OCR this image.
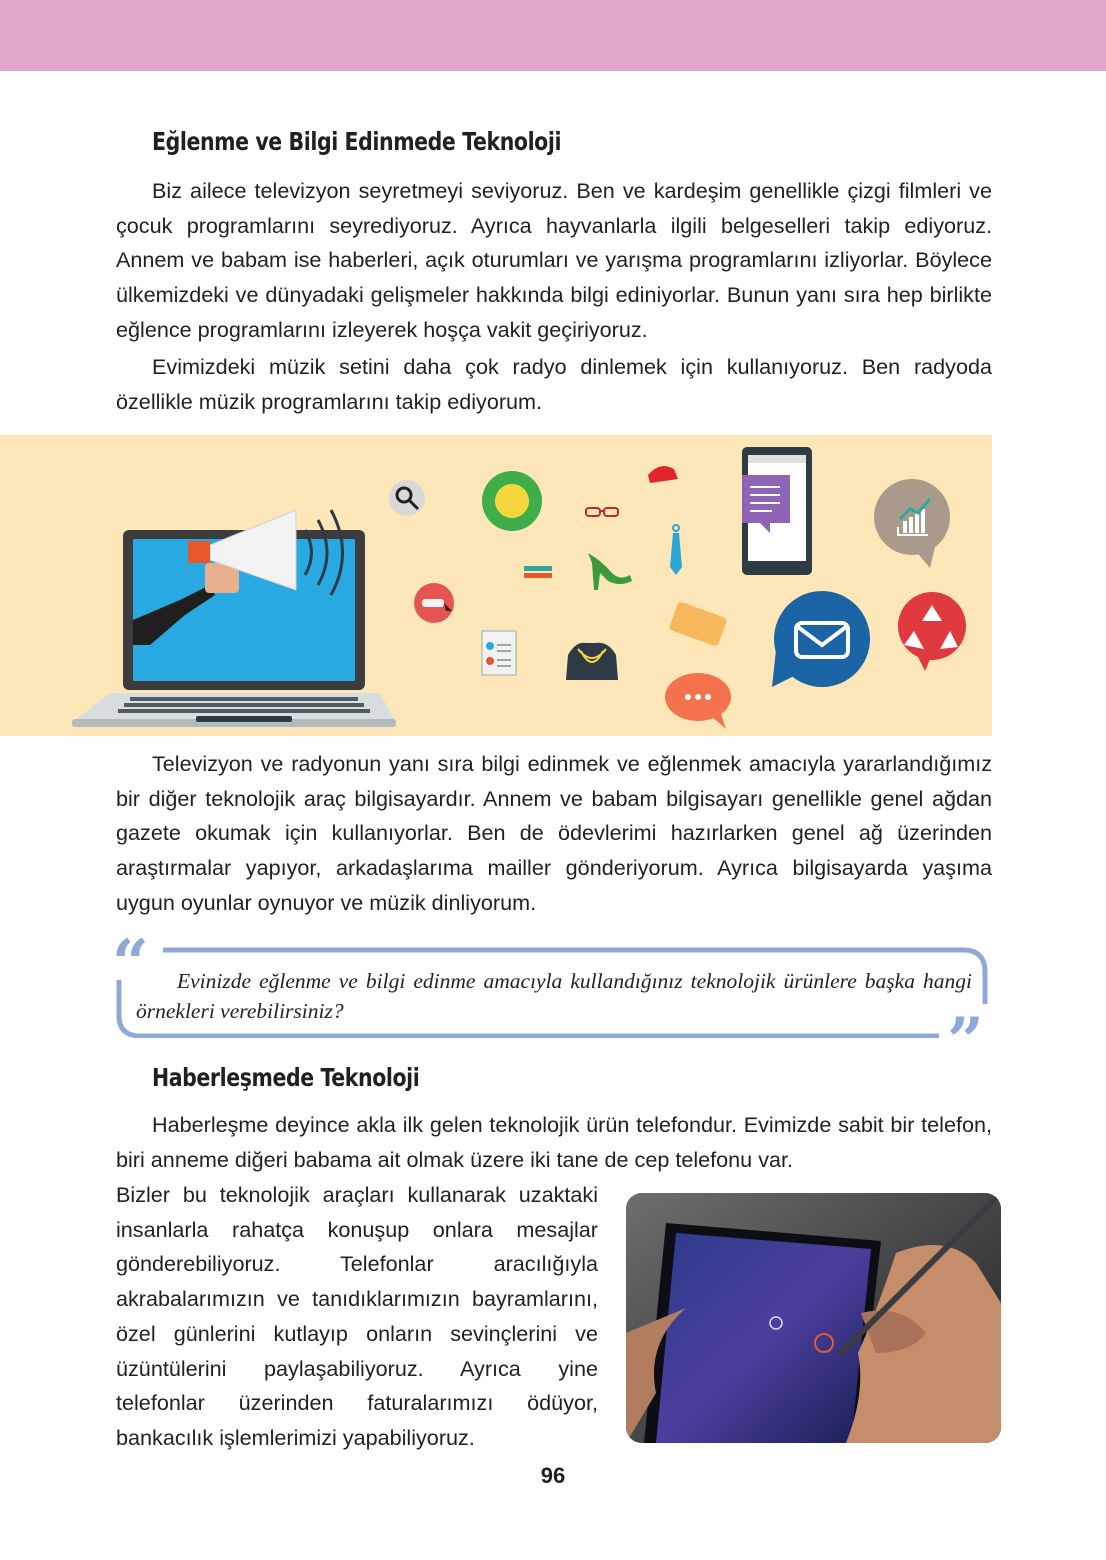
Eğlenme ve Bilgi Edinmede Teknoloji

Biz ailece televizyon seyretmeyi seviyoruz. Ben ve kardeşim genellikle çizgi filmleri ve çocuk programlarını seyrediyoruz. Ayrıca hayvanlarla ilgili belgeselleri takip ediyoruz. Annem ve babam ise haberleri, açık oturumları ve yarışma programlarını izliyorlar. Böylece ülkemizdeki ve dünyadaki gelişmeler hakkında bilgi ediniyorlar. Bunun yanı sıra hep birlikte eğlence programlarını izleyerek hoşça vakit geçiriyoruz.

Evimizdeki müzik setini daha çok radyo dinlemek için kullanıyoruz. Ben radyoda özellikle müzik programlarını takip ediyorum.

Televizyon ve radyonun yanı sıra bilgi edinmek ve eğlenmek amacıyla yararlandığımız bir diğer teknolojik araç bilgisayardır. Annem ve babam bilgisayarı genellikle genel ağdan gazete okumak için kullanıyorlar. Ben de ödevlerimi hazırlarken genel ağ üzerinden araştırmalar yapıyor, arkadaşlarıma mailler gönderiyorum. Ayrıca bilgisayarda yaşıma uygun oyunlar oynuyor ve müzik dinliyorum.

“
”

Evinizde eğlenme ve bilgi edinme amacıyla kullandığınız teknolojik ürünlere başka hangi örnekleri verebilirsiniz?

Haberleşmede Teknoloji

Haberleşme deyince akla ilk gelen teknolojik ürün telefondur. Evimizde sabit bir telefon, biri anneme diğeri babama ait olmak üzere iki tane de cep telefonu var.

Bizler bu teknolojik araçları kullanarak uzaktaki insanlarla rahatça konuşup onlara mesajlar gönderebiliyoruz. Telefonlar aracılığıyla akrabalarımızın ve tanıdıklarımızın bayramlarını, özel günlerini kutlayıp onların sevinçlerini ve üzüntülerini paylaşabiliyoruz. Ayrıca yine telefonlar üzerinden faturalarımızı ödüyor, bankacılık işlemlerimizi yapabiliyoruz.

96
